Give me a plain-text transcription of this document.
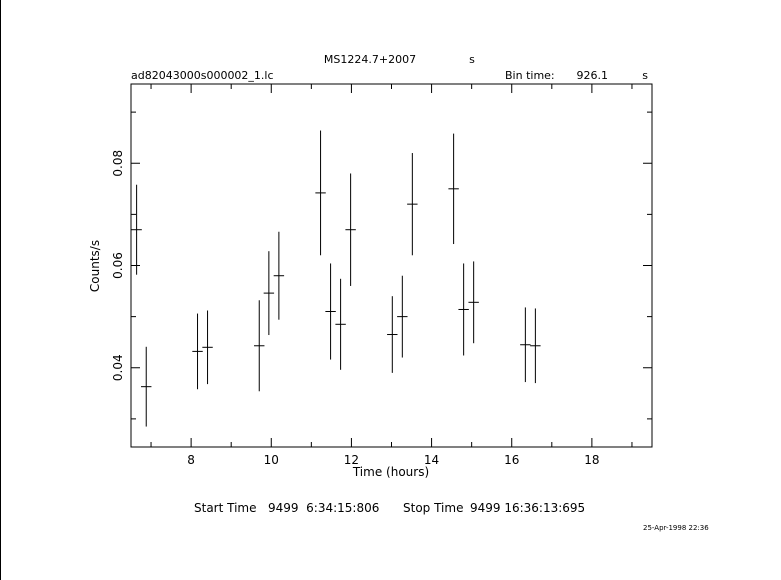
MS1224.7+2007	s
ad82043000s000002_1.lc	Bin time: 926.1	s
8	10	12	14	16	18
0.04
0.06
0.08
Time (hours)
Counts/s
Start Time 9499  6:34:15:806 Stop Time 9499 16:36:13:695
25-Apr-1998 22:36
